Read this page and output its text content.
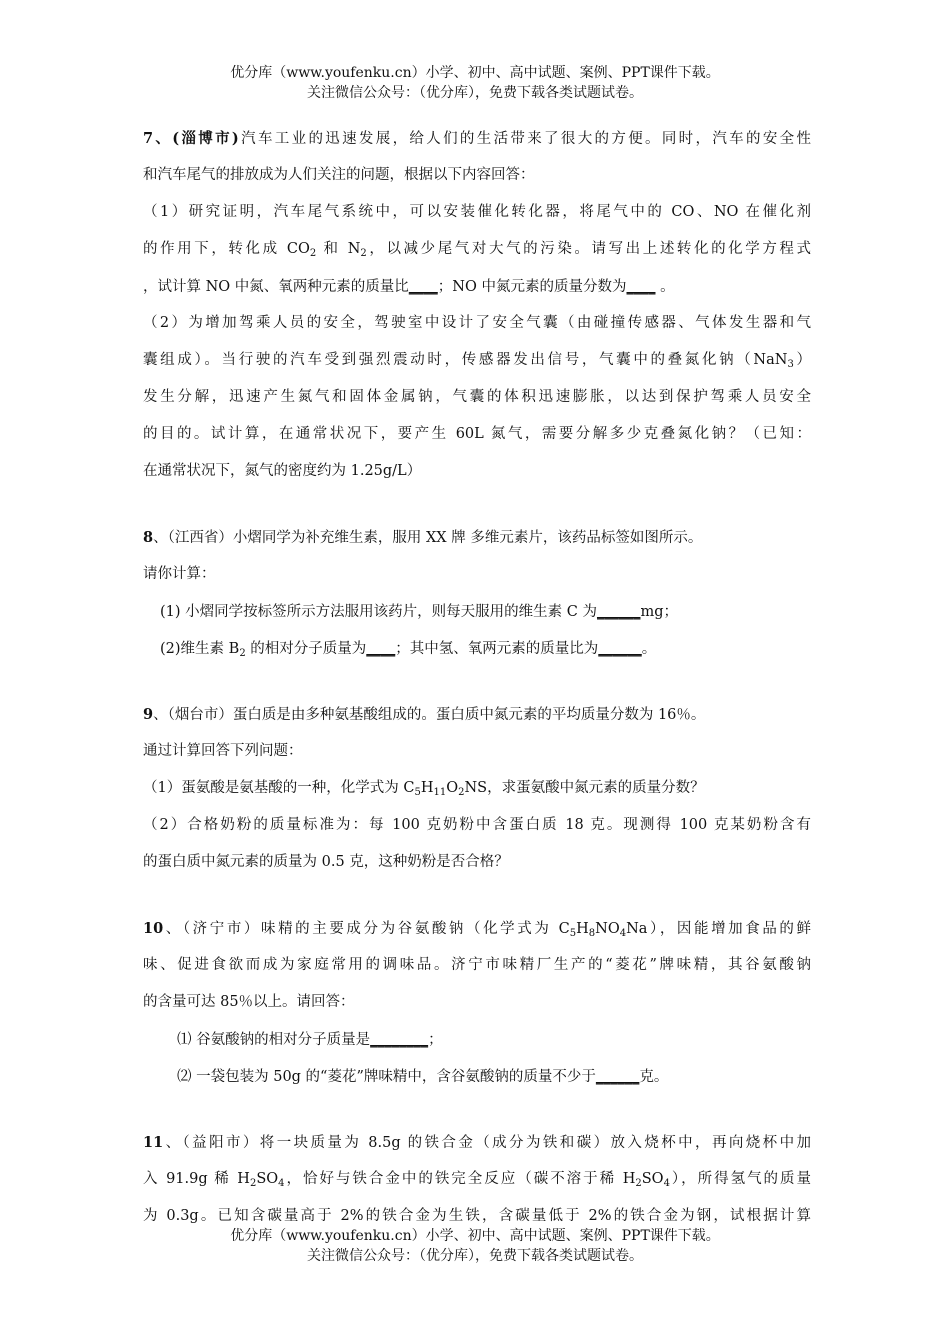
优分库（www.youfenku.cn）小学、初中、高中试题、案例、PPT课件下载。
关注微信公众号：（优分库），免费下载各类试题试卷。
7、(淄博市)汽车工业的迅速发展，给人们的生活带来了很大的方便。同时，汽车的安全性
和汽车尾气的排放成为人们关注的问题，根据以下内容回答：
（1）研究证明，汽车尾气系统中，可以安装催化转化器，将尾气中的 CO、NO 在催化剂
的作用下，转化成 $CO_2$ 和 $N_2$，以减少尾气对大气的污染。请写出上述转化的化学方程式
，试计算 NO 中氮、氧两种元素的质量比____；NO 中氮元素的质量分数为____ 。
（2）为增加驾乘人员的安全，驾驶室中设计了安全气囊（由碰撞传感器、气体发生器和气
囊组成）。当行驶的汽车受到强烈震动时，传感器发出信号，气囊中的叠氮化钠（NaN$_3$）
发生分解，迅速产生氮气和固体金属钠，气囊的体积迅速膨胀，以达到保护驾乘人员安全
的目的。试计算，在通常状况下，要产生 60L 氮气，需要分解多少克叠氮化钠？（已知：
在通常状况下，氮气的密度约为 1.25g/L）
8、（江西省）小熠同学为补充维生素，服用 XX 牌 多维元素片，该药品标签如图所示。
请你计算：
(1) 小熠同学按标签所示方法服用该药片，则每天服用的维生素 C 为______mg；
(2)维生素 $B_2$ 的相对分子质量为____；其中氢、氧两元素的质量比为______。
9、（烟台市）蛋白质是由多种氨基酸组成的。蛋白质中氮元素的平均质量分数为 16％。
通过计算回答下列问题：
（1）蛋氨酸是氨基酸的一种，化学式为 $C_5H_{11}O_2NS$，求蛋氨酸中氮元素的质量分数？
（2）合格奶粉的质量标准为：每 100 克奶粉中含蛋白质 18 克。现测得 100 克某奶粉含有
的蛋白质中氮元素的质量为 0.5 克，这种奶粉是否合格？
10、（济宁市）味精的主要成分为谷氨酸钠（化学式为 $C_5H_8NO_4Na$），因能增加食品的鲜
味、促进食欲而成为家庭常用的调味品。济宁市味精厂生产的“菱花”牌味精，其谷氨酸钠
的含量可达 85％以上。请回答：
⑴ 谷氨酸钠的相对分子质量是________；
⑵ 一袋包装为 50g 的“菱花”牌味精中，含谷氨酸钠的质量不少于______克。
11、（益阳市）将一块质量为 8.5g 的铁合金（成分为铁和碳）放入烧杯中，再向烧杯中加
入 91.9g 稀 $H_2SO_4$，恰好与铁合金中的铁完全反应（碳不溶于稀 $H_2SO_4$），所得氢气的质量
为 0.3g。已知含碳量高于 2%的铁合金为生铁，含碳量低于 2%的铁合金为钢，试根据计算
优分库（www.youfenku.cn）小学、初中、高中试题、案例、PPT课件下载。
关注微信公众号：（优分库），免费下载各类试题试卷。
